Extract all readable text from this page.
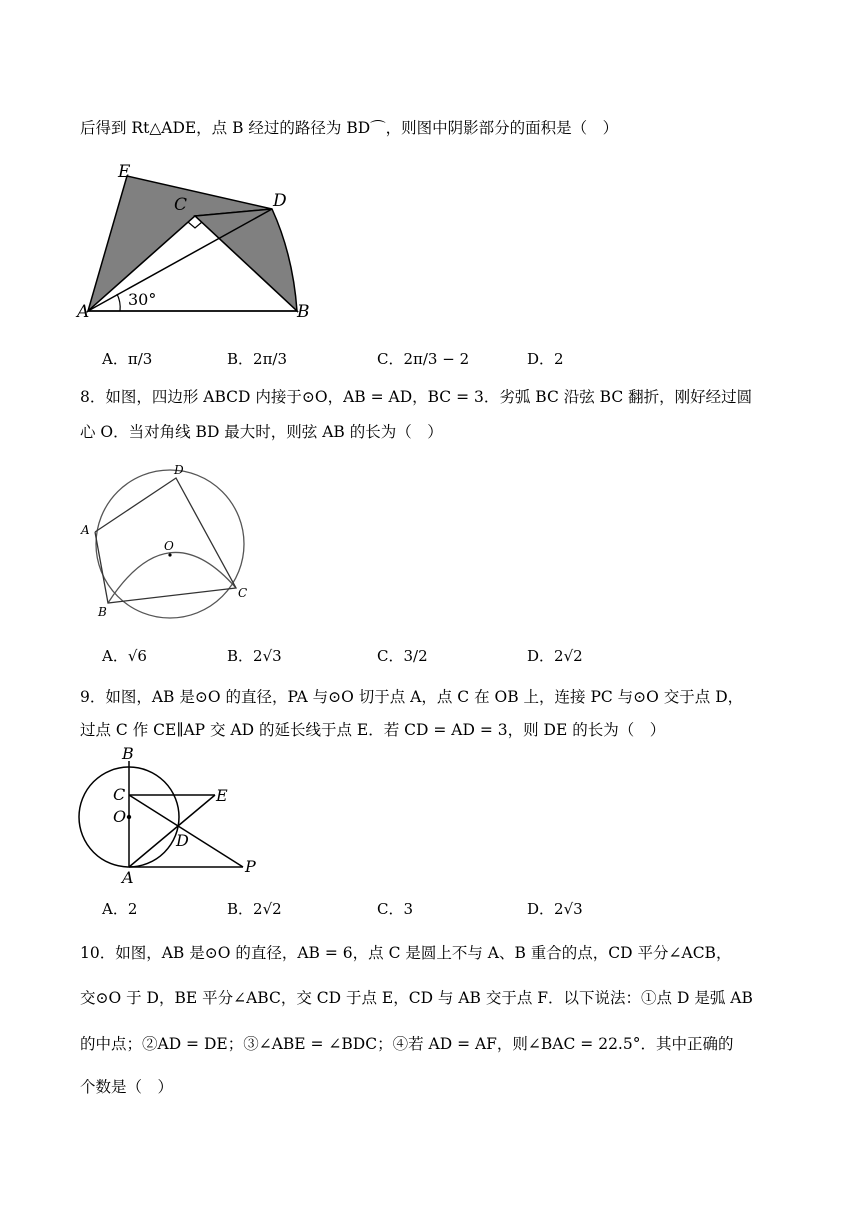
后得到 Rt△ADE，点 B 经过的路径为 BD⌒，则图中阴影部分的面积是（　）
E
C	D
A	B
30°
A．π/3	B．2π/3	C．2π/3 − 2	D．2
8．如图，四边形 ABCD 内接于⊙O，AB = AD，BC = 3．劣弧 BC 沿弦 BC 翻折，刚好经过圆
心 O．当对角线 BD 最大时，则弦 AB 的长为（　）
D
A
O
B
C
A．√6	B．2√3	C．3/2	D．2√2
9．如图，AB 是⊙O 的直径，PA 与⊙O 切于点 A，点 C 在 OB 上，连接 PC 与⊙O 交于点 D，
过点 C 作 CE∥AP 交 AD 的延长线于点 E．若 CD = AD = 3，则 DE 的长为（　）
B
C	E
O
D
A
P
A．2	B．2√2	C．3	D．2√3
10．如图，AB 是⊙O 的直径，AB = 6，点 C 是圆上不与 A、B 重合的点，CD 平分∠ACB，
交⊙O 于 D，BE 平分∠ABC，交 CD 于点 E，CD 与 AB 交于点 F．以下说法：①点 D 是弧 AB
的中点；②AD = DE；③∠ABE = ∠BDC；④若 AD = AF，则∠BAC = 22.5°．其中正确的
个数是（　）
